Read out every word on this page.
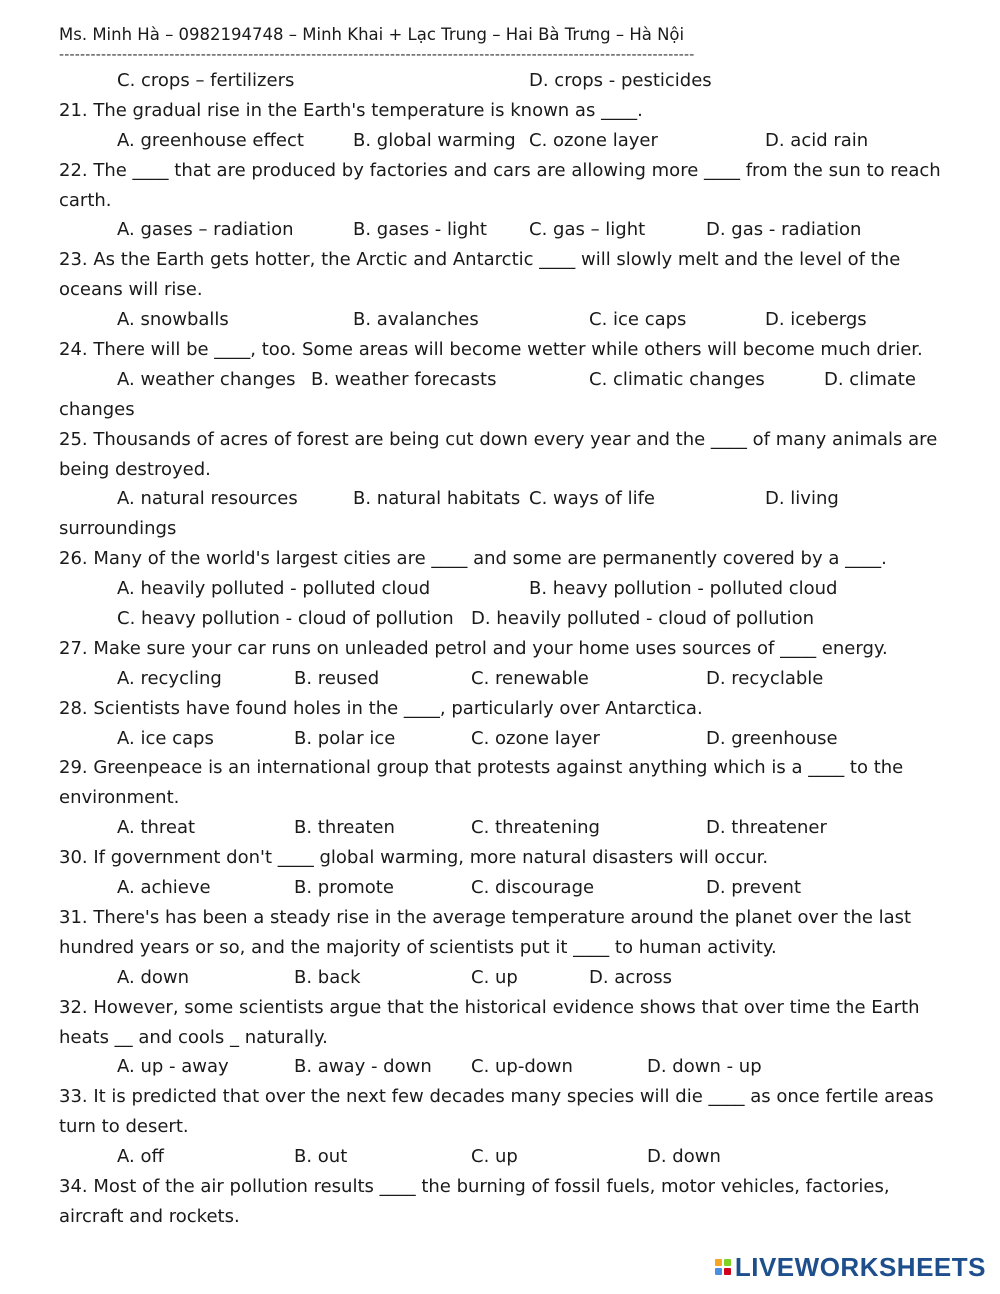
Ms. Minh Hà – 0982194748 – Minh Khai + Lạc Trung – Hai Bà Trưng – Hà Nội
-------------------------------------------------------------------------------------------------------------------------
C. crops – fertilizers	D. crops - pesticides
21. The gradual rise in the Earth's temperature is known as ____.
A. greenhouse effect	B. global warming C. ozone layer	D. acid rain
22. The ____ that are produced by factories and cars are allowing more ____ from the sun to reach
carth.
A. gases – radiation	B. gases - light C. gas – light	D. gas - radiation
23. As the Earth gets hotter, the Arctic and Antarctic ____ will slowly melt and the level of the
oceans will rise.
A. snowballs	B. avalanches	C. ice caps	D. icebergs
24. There will be ____, too. Some areas will become wetter while others will become much drier.
A. weather changes B. weather forecasts	C. climatic changes	D. climate
changes
25. Thousands of acres of forest are being cut down every year and the ____ of many animals are
being destroyed.
A. natural resources	B. natural habitats C. ways of life	D. living
surroundings
26. Many of the world's largest cities are ____ and some are permanently covered by a ____.
A. heavily polluted - polluted cloud	B. heavy pollution - polluted cloud
C. heavy pollution - cloud of pollution D. heavily polluted - cloud of pollution
27. Make sure your car runs on unleaded petrol and your home uses sources of ____ energy.
A. recycling	B. reused	C. renewable	D. recyclable
28. Scientists have found holes in the ____, particularly over Antarctica.
A. ice caps	B. polar ice	C. ozone layer	D. greenhouse
29. Greenpeace is an international group that protests against anything which is a ____ to the
environment.
A. threat	B. threaten	C. threatening	D. threatener
30. If government don't ____ global warming, more natural disasters will occur.
A. achieve	B. promote	C. discourage	D. prevent
31. There's has been a steady rise in the average temperature around the planet over the last
hundred years or so, and the majority of scientists put it ____ to human activity.
A. down	B. back	C. up	D. across
32. However, some scientists argue that the historical evidence shows that over time the Earth
heats __ and cools _ naturally.
A. up - away	B. away - down C. up-down	D. down - up
33. It is predicted that over the next few decades many species will die ____ as once fertile areas
turn to desert.
A. off	B. out	C. up	D. down
34. Most of the air pollution results ____ the burning of fossil fuels, motor vehicles, factories,
aircraft and rockets.
LIVEWORKSHEETS
